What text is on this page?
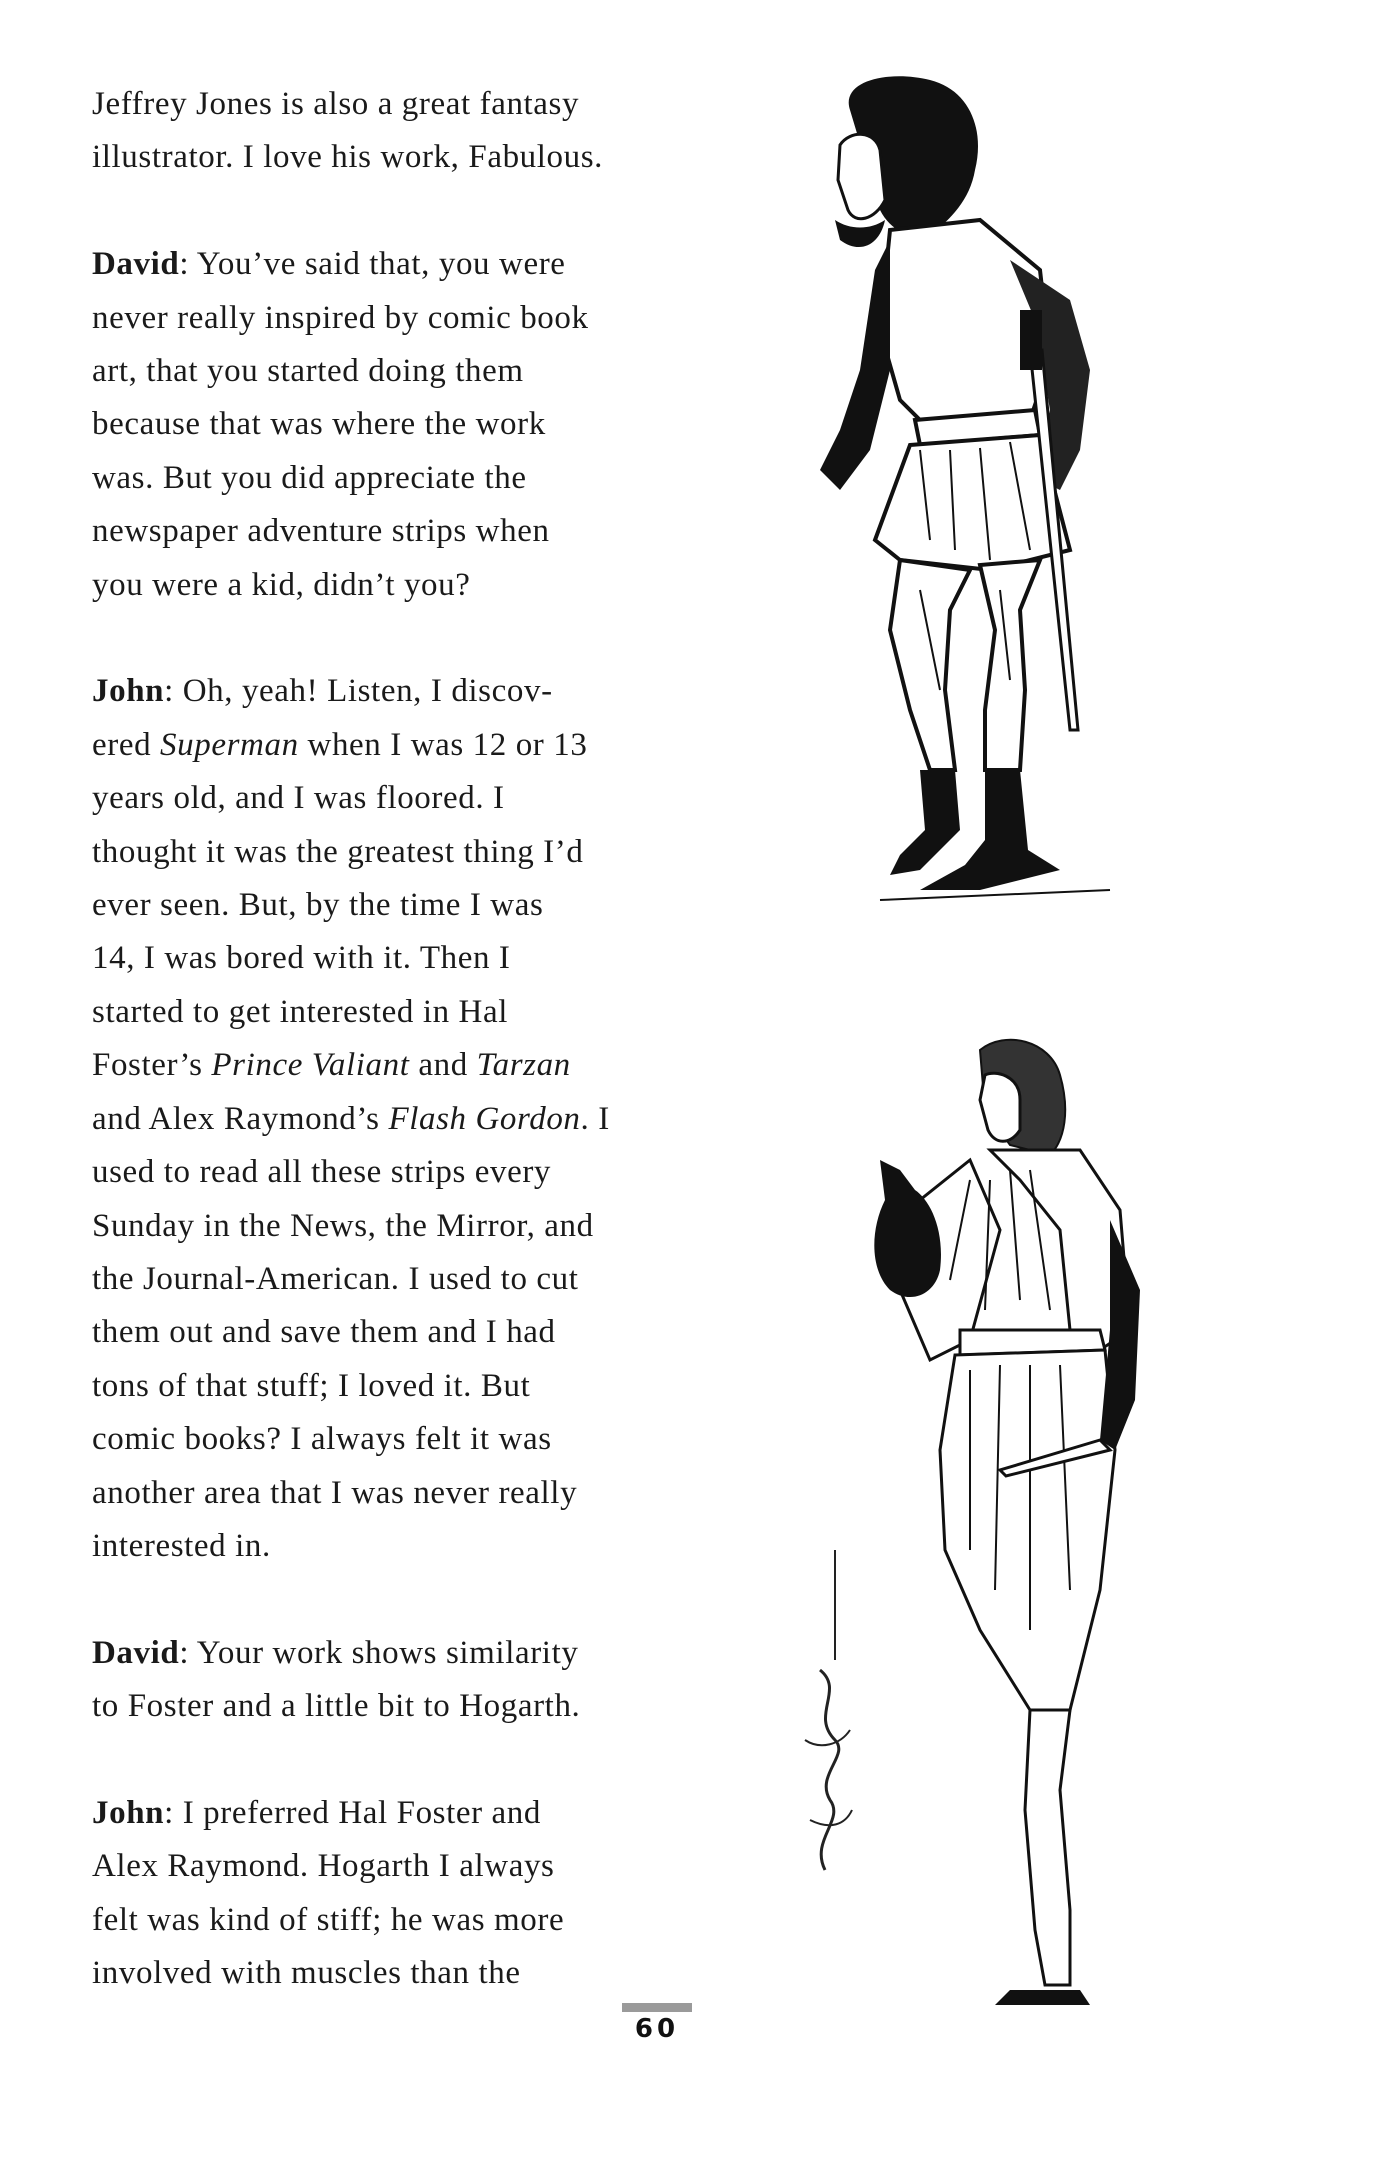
Jeffrey Jones is also a great fantasy
illustrator. I love his work, Fabulous.

David: You’ve said that, you were
never really inspired by comic book
art, that you started doing them
because that was where the work
was. But you did appreciate the
newspaper adventure strips when
you were a kid, didn’t you?

John: Oh, yeah! Listen, I discov-
ered Superman when I was 12 or 13
years old, and I was floored. I
thought it was the greatest thing I’d
ever seen. But, by the time I was
14, I was bored with it. Then I
started to get interested in Hal
Foster’s Prince Valiant and Tarzan
and Alex Raymond’s Flash Gordon. I
used to read all these strips every
Sunday in the News, the Mirror, and
the Journal-American. I used to cut
them out and save them and I had
tons of that stuff; I loved it. But
comic books? I always felt it was
another area that I was never really
interested in.

David: Your work shows similarity
to Foster and a little bit to Hogarth.

John: I preferred Hal Foster and
Alex Raymond. Hogarth I always
felt was kind of stiff; he was more
involved with muscles than the

60
